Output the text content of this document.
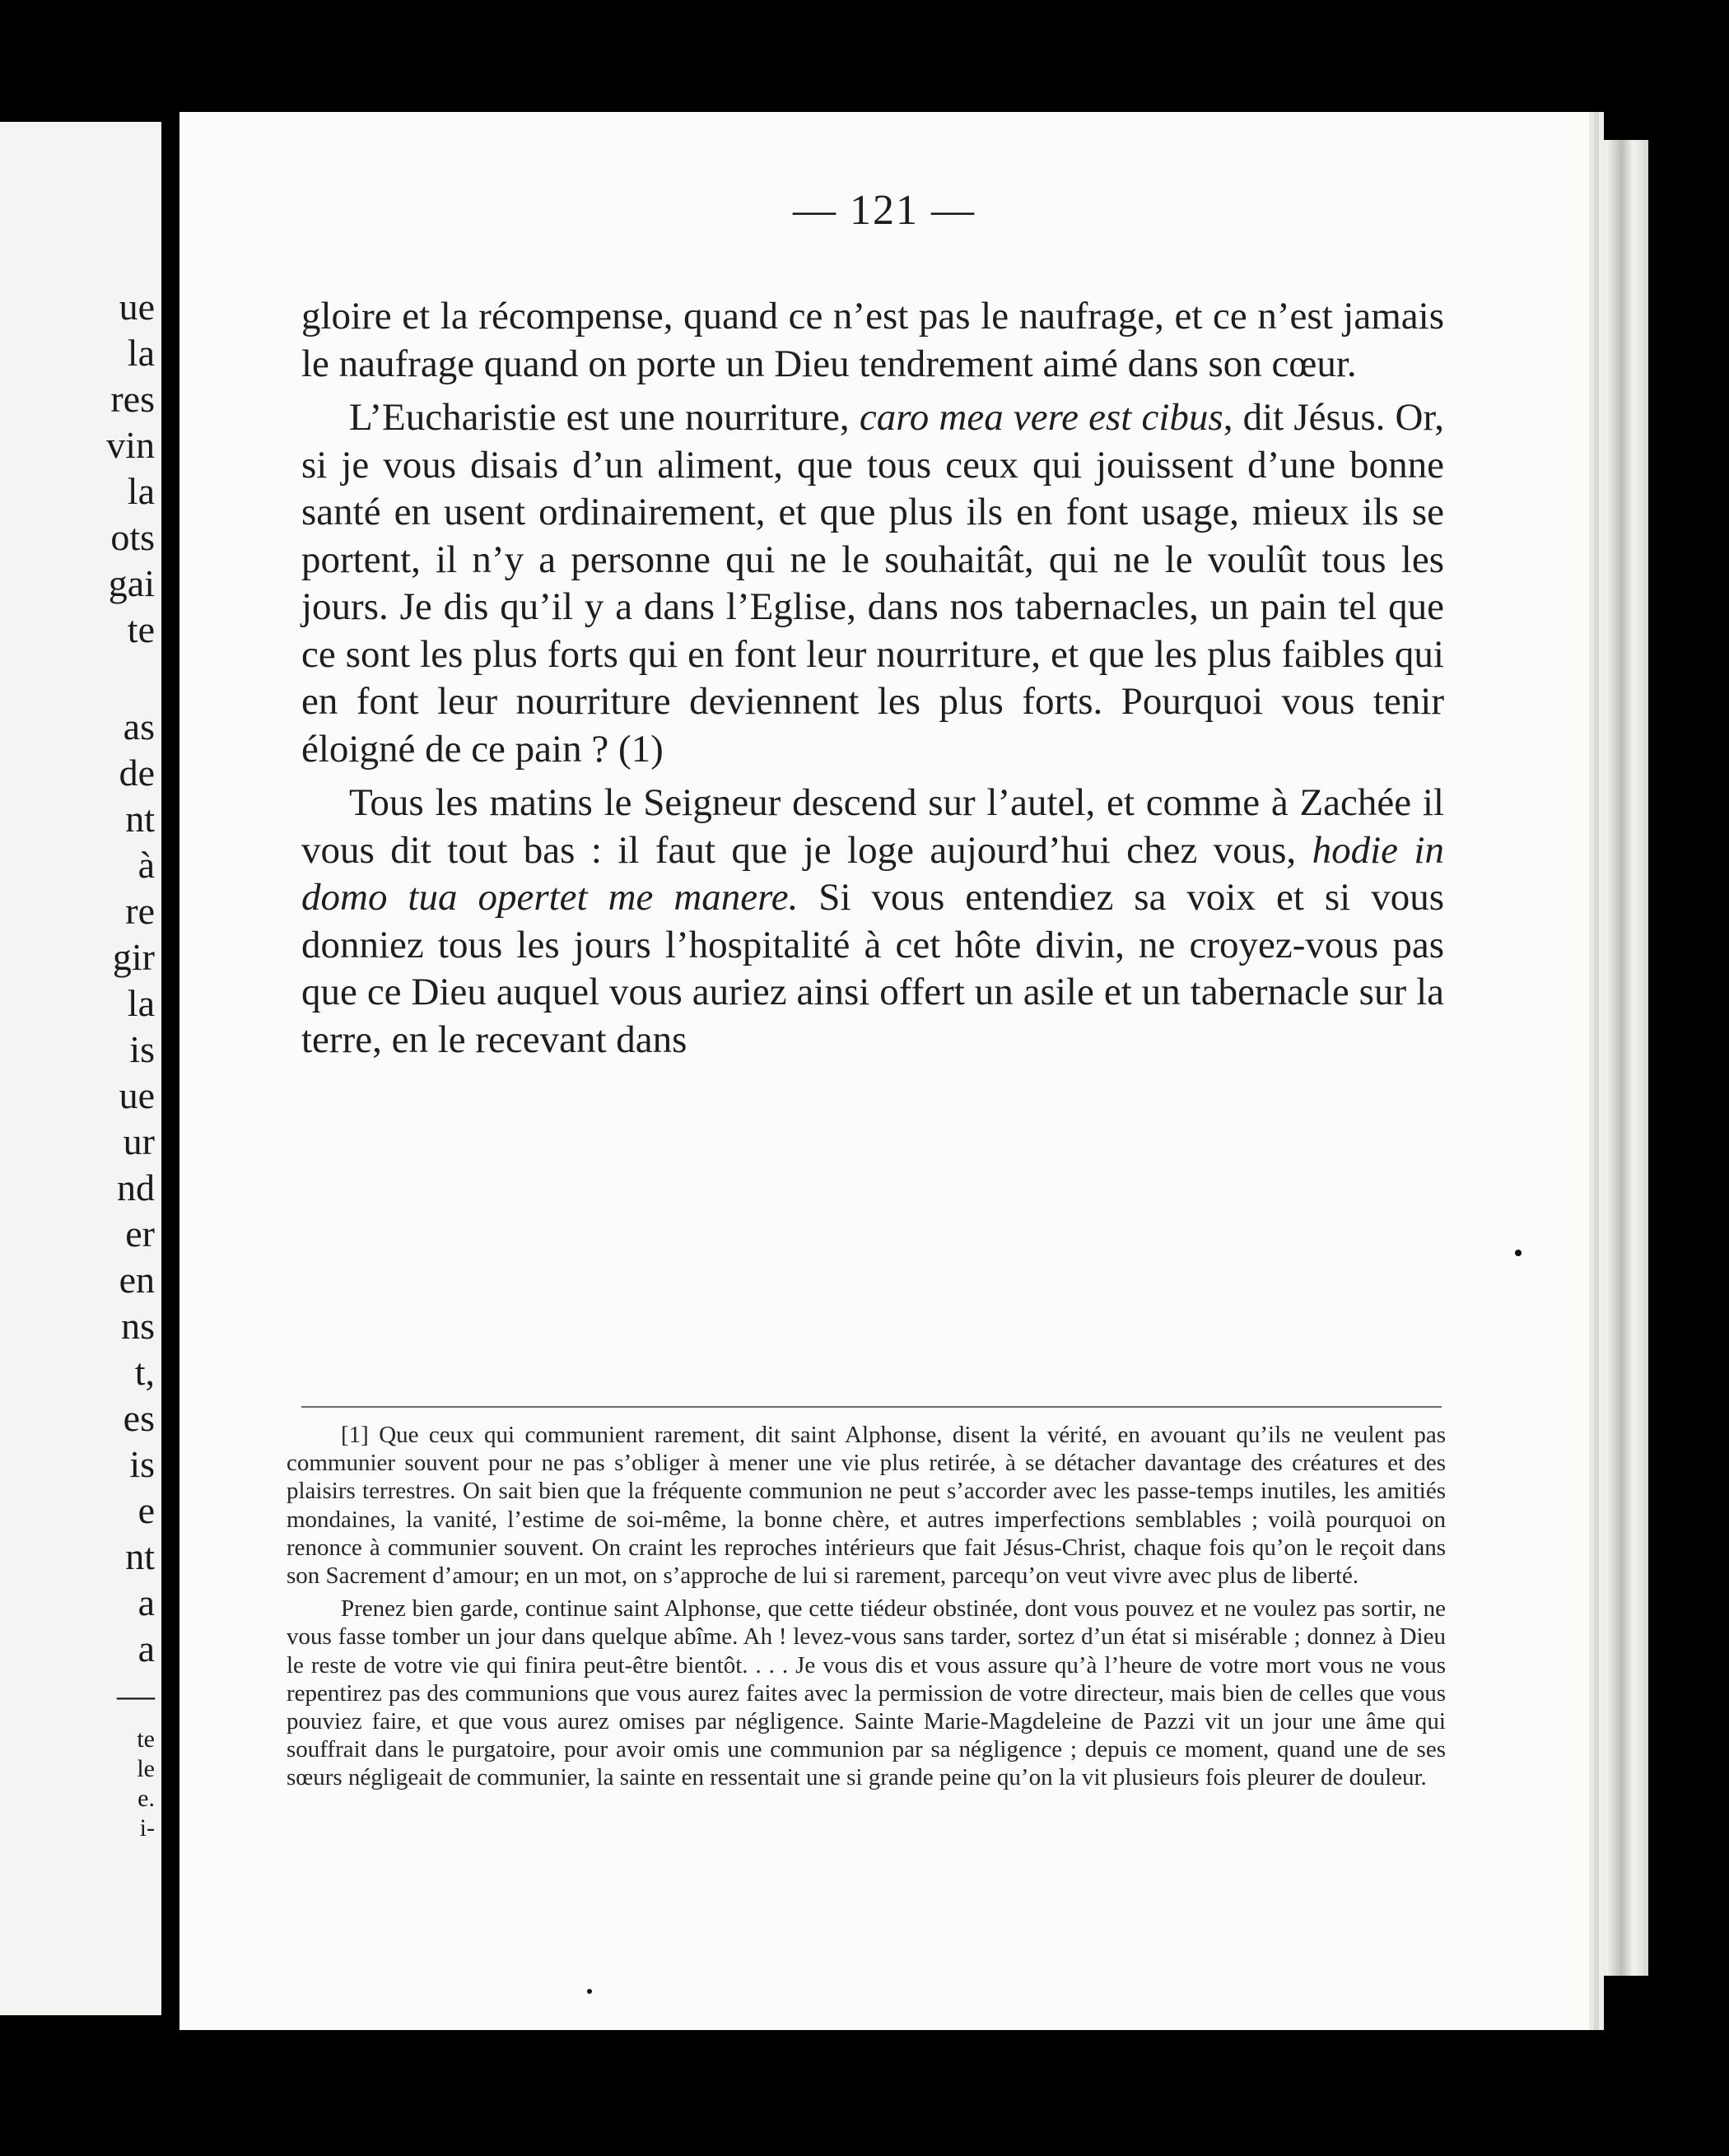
ue
la
res
vin
la
ots
gai
te
as
de
nt
à
re
gir
la
is
ue
ur
nd
er
en
ns
t,
es
is
e
nt
a
a
—
te
le
e.
i-
— 121 —

gloire et la récompense, quand ce n’est pas le naufrage, et ce n’est jamais le naufrage quand on porte un Dieu tendrement aimé dans son cœur.

L’Eucharistie est une nourriture, caro mea vere est cibus, dit Jésus. Or, si je vous disais d’un aliment, que tous ceux qui jouissent d’une bonne santé en usent ordinairement, et que plus ils en font usage, mieux ils se portent, il n’y a personne qui ne le souhaitât, qui ne le voulût tous les jours. Je dis qu’il y a dans l’Eglise, dans nos tabernacles, un pain tel que ce sont les plus forts qui en font leur nourriture, et que les plus faibles qui en font leur nourriture deviennent les plus forts. Pourquoi vous tenir éloigné de ce pain ? (1)

Tous les matins le Seigneur descend sur l’autel, et comme à Zachée il vous dit tout bas : il faut que je loge aujourd’hui chez vous, hodie in domo tua opertet me manere. Si vous entendiez sa voix et si vous donniez tous les jours l’hospitalité à cet hôte divin, ne croyez-vous pas que ce Dieu auquel vous auriez ainsi offert un asile et un tabernacle sur la terre, en le recevant dans

[1] Que ceux qui communient rarement, dit saint Alphonse, disent la vérité, en avouant qu’ils ne veulent pas communier souvent pour ne pas s’obliger à mener une vie plus retirée, à se détacher davantage des créatures et des plaisirs terrestres. On sait bien que la fréquente communion ne peut s’accorder avec les passe-temps inutiles, les amitiés mondaines, la vanité, l’estime de soi-même, la bonne chère, et autres imperfections semblables ; voilà pourquoi on renonce à communier souvent. On craint les reproches intérieurs que fait Jésus-Christ, chaque fois qu’on le reçoit dans son Sacrement d’amour; en un mot, on s’approche de lui si rarement, parcequ’on veut vivre avec plus de liberté.

Prenez bien garde, continue saint Alphonse, que cette tiédeur obstinée, dont vous pouvez et ne voulez pas sortir, ne vous fasse tomber un jour dans quelque abîme. Ah ! levez-vous sans tarder, sortez d’un état si misérable ; donnez à Dieu le reste de votre vie qui finira peut-être bientôt. . . . Je vous dis et vous assure qu’à l’heure de votre mort vous ne vous repentirez pas des communions que vous aurez faites avec la permission de votre directeur, mais bien de celles que vous pouviez faire, et que vous aurez omises par négligence. Sainte Marie-Magdeleine de Pazzi vit un jour une âme qui souffrait dans le purgatoire, pour avoir omis une communion par sa négligence ; depuis ce moment, quand une de ses sœurs négligeait de communier, la sainte en ressentait une si grande peine qu’on la vit plusieurs fois pleurer de douleur.
